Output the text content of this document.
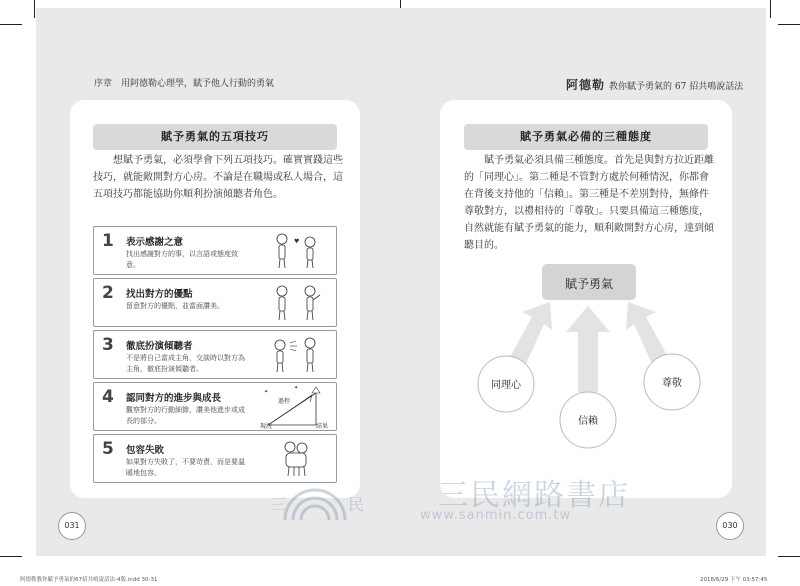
序章　用阿德勒心理學，賦予他人行動的勇氣	阿德勒 教你賦予勇氣的 67 招共鳴說話法
賦予勇氣的五項技巧
想賦予勇氣，必須學會下列五項技巧。確實實踐這些
技巧，就能敞開對方心房。不論是在職場或私人場合，這
五項技巧都能協助你順利扮演傾聽者角色。
1 表示感謝之意
找出感謝對方的事，以言語或態度致
意。
♥
2 找出對方的優點
留意對方的優點，並當面讚美。
3 徹底扮演傾聽者
不是將自己當成主角，交談時以對方為
主角，徹底扮演傾聽者。
4 認同對方的進步與成長
觀察對方的行動細節，讚美他進步或成
長的部分。
✦
✦
過程
現況	結果
5 包容失敗
如果對方失敗了，不要苛責，而是要溫
暖地包容。
賦予勇氣必備的三種態度
賦予勇氣必須具備三種態度。首先是與對方拉近距離
的「同理心」。第二種是不管對方處於何種情況，你都會
在背後支持他的「信賴」。第三種是不差別對待，無條件
尊敬對方，以禮相待的「尊敬」。只要具備這三種態度，
自然就能有賦予勇氣的能力，順利敞開對方心房，達到傾
聽目的。
賦予勇氣
同理心
信賴
尊敬
三	民 三民網路書店
www.sanmin.com.tw
031	030
阿德勒教你賦予勇氣的67招共鳴說話法-4版.indd 30-31	2018/6/29 下午 03:57:45
